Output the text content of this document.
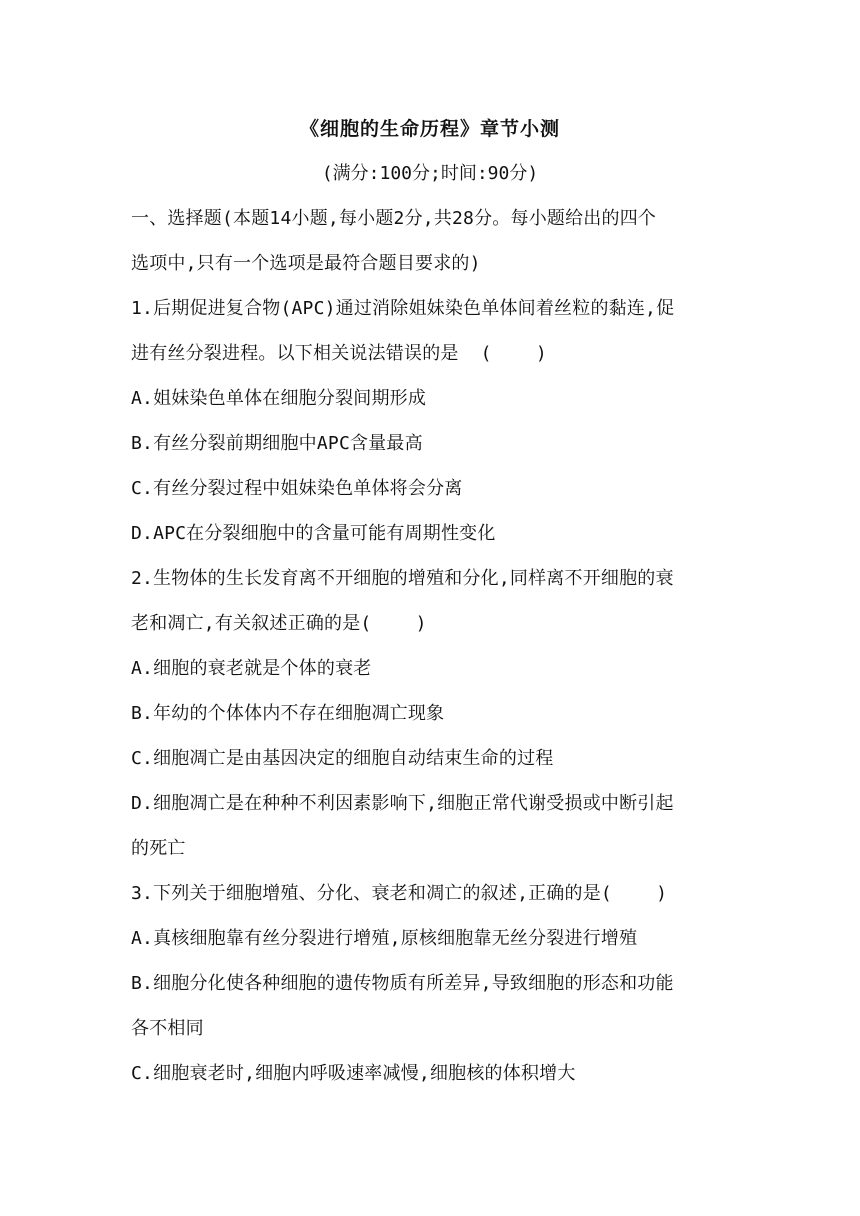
《细胞的生命历程》章节小测
(满分:100分;时间:90分)
一、选择题(本题14小题,每小题2分,共28分。每小题给出的四个
选项中,只有一个选项是最符合题目要求的)
1.后期促进复合物(APC)通过消除姐妹染色单体间着丝粒的黏连,促
进有丝分裂进程。以下相关说法错误的是  (    )
A.姐妹染色单体在细胞分裂间期形成
B.有丝分裂前期细胞中APC含量最高
C.有丝分裂过程中姐妹染色单体将会分离
D.APC在分裂细胞中的含量可能有周期性变化
2.生物体的生长发育离不开细胞的增殖和分化,同样离不开细胞的衰
老和凋亡,有关叙述正确的是(    )
A.细胞的衰老就是个体的衰老
B.年幼的个体体内不存在细胞凋亡现象
C.细胞凋亡是由基因决定的细胞自动结束生命的过程
D.细胞凋亡是在种种不利因素影响下,细胞正常代谢受损或中断引起
的死亡
3.下列关于细胞增殖、分化、衰老和凋亡的叙述,正确的是(    )
A.真核细胞靠有丝分裂进行增殖,原核细胞靠无丝分裂进行增殖
B.细胞分化使各种细胞的遗传物质有所差异,导致细胞的形态和功能
各不相同
C.细胞衰老时,细胞内呼吸速率减慢,细胞核的体积增大
